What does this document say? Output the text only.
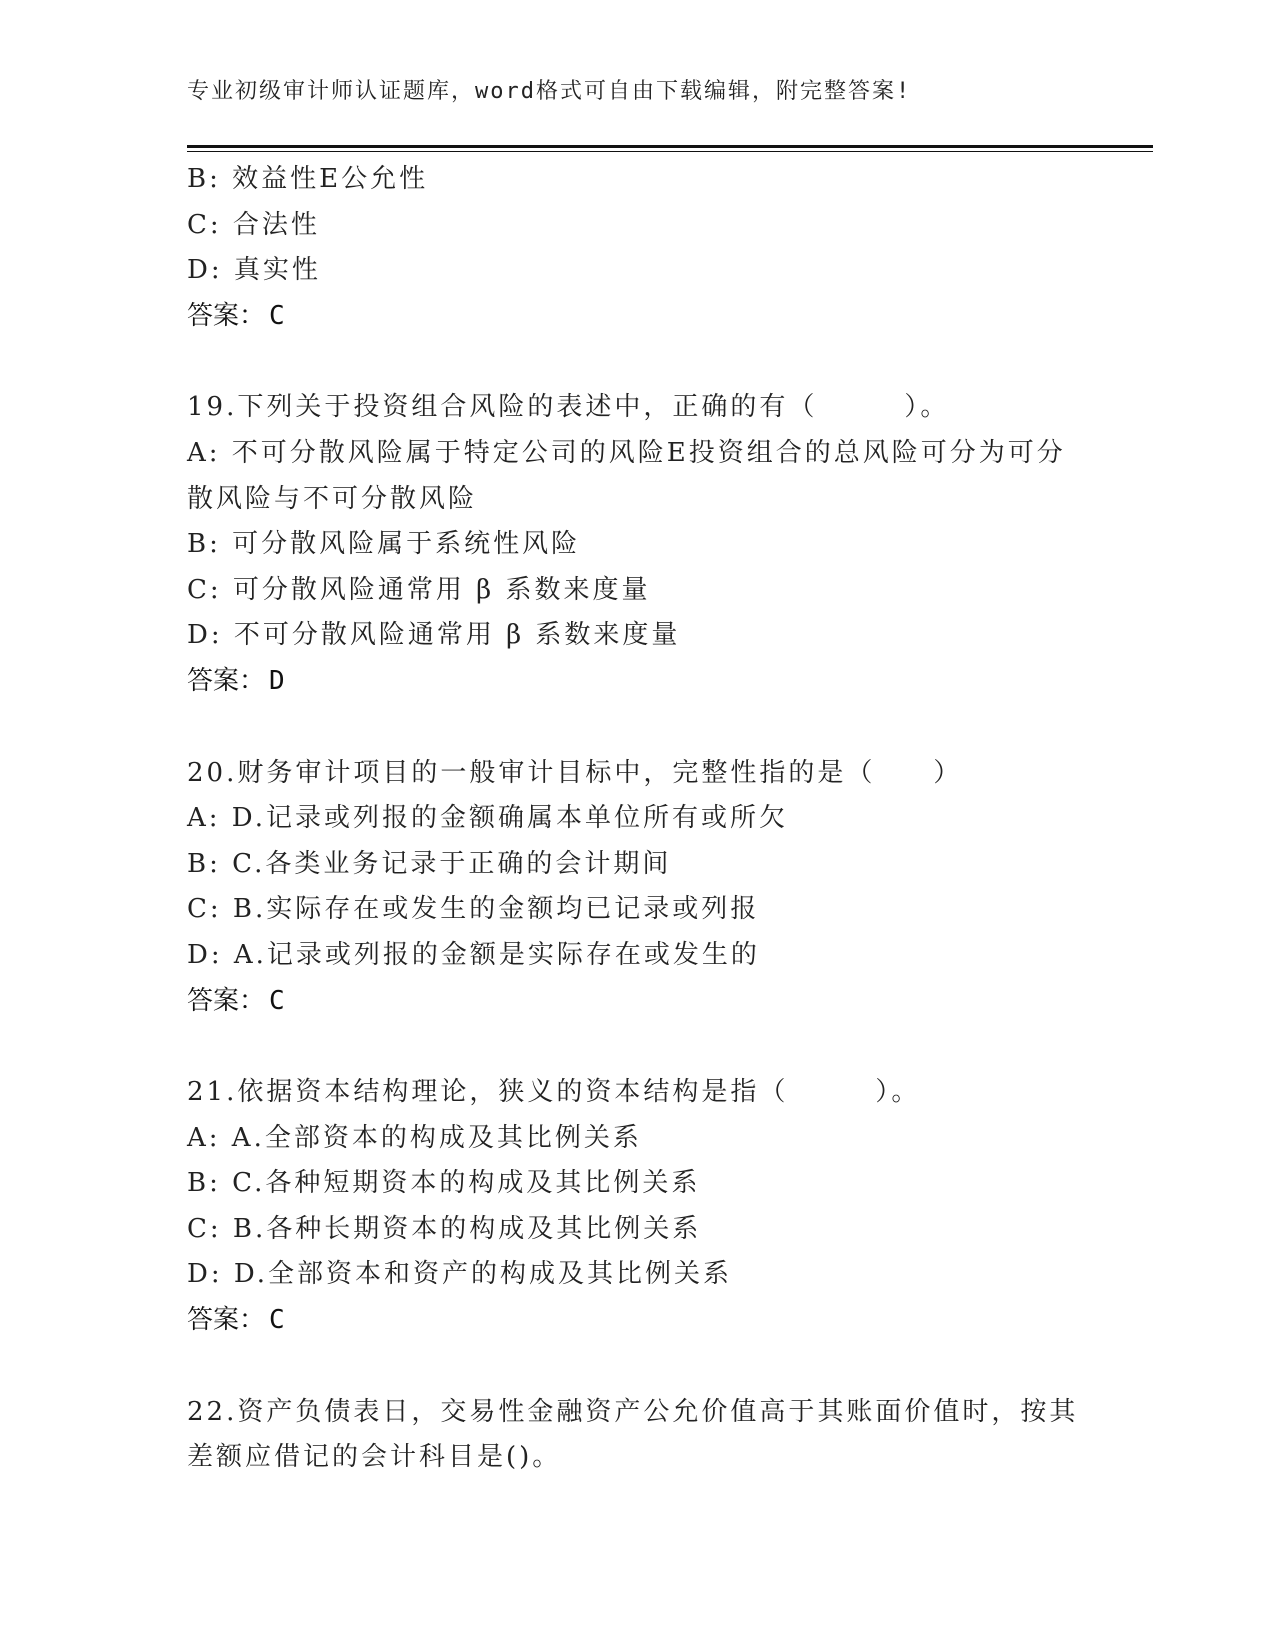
专业初级审计师认证题库，word格式可自由下载编辑，附完整答案!
B: 效益性E公允性
C: 合法性
D: 真实性
答案： C
19.下列关于投资组合风险的表述中，正确的有（　　　）。
A: 不可分散风险属于特定公司的风险E投资组合的总风险可分为可分
散风险与不可分散风险
B: 可分散风险属于系统性风险
C: 可分散风险通常用 β 系数来度量
D: 不可分散风险通常用 β 系数来度量
答案： D
20.财务审计项目的一般审计目标中，完整性指的是（　　）
A: D.记录或列报的金额确属本单位所有或所欠
B: C.各类业务记录于正确的会计期间
C: B.实际存在或发生的金额均已记录或列报
D: A.记录或列报的金额是实际存在或发生的
答案： C
21.依据资本结构理论，狭义的资本结构是指（　　　）。
A: A.全部资本的构成及其比例关系
B: C.各种短期资本的构成及其比例关系
C: B.各种长期资本的构成及其比例关系
D: D.全部资本和资产的构成及其比例关系
答案： C
22.资产负债表日，交易性金融资产公允价值高于其账面价值时，按其
差额应借记的会计科目是()。
